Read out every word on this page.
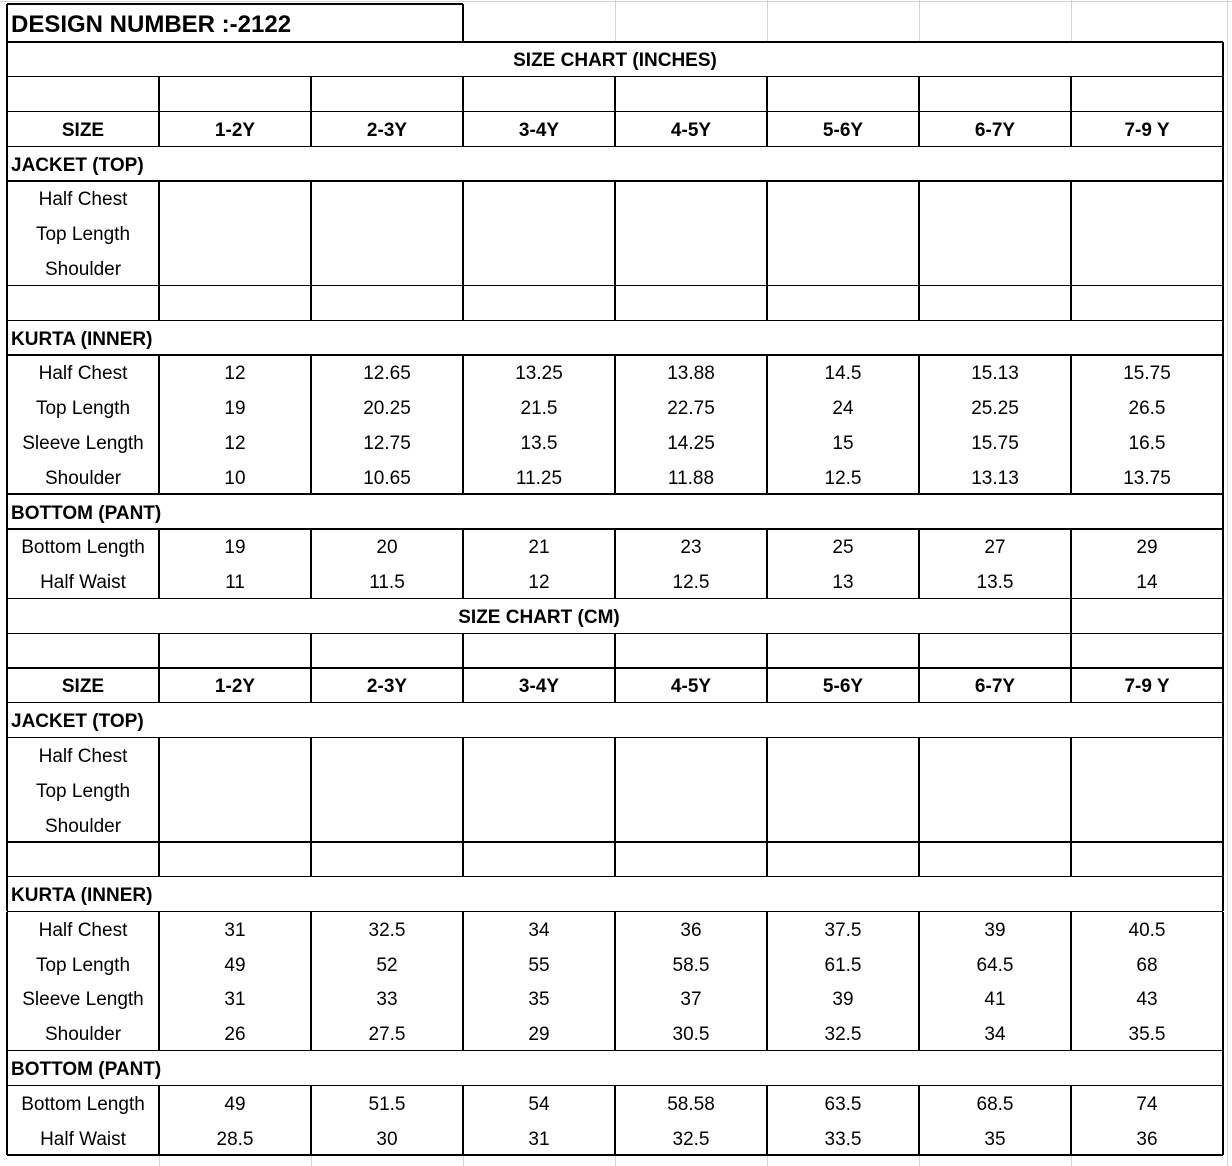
DESIGN NUMBER :-2122
SIZE CHART (INCHES)
SIZE	1-2Y	2-3Y	3-4Y	4-5Y	5-6Y	6-7Y	7-9 Y
JACKET (TOP)
Half Chest
Top Length
Shoulder
KURTA (INNER)
Half Chest	12	12.65	13.25	13.88	14.5	15.13	15.75
Top Length	19	20.25	21.5	22.75	24	25.25	26.5
Sleeve Length	12	12.75	13.5	14.25	15	15.75	16.5
Shoulder	10	10.65	11.25	11.88	12.5	13.13	13.75
BOTTOM (PANT)
Bottom Length	19	20	21	23	25	27	29
Half Waist	11	11.5	12	12.5	13	13.5	14
SIZE CHART (CM)
SIZE	1-2Y	2-3Y	3-4Y	4-5Y	5-6Y	6-7Y	7-9 Y
JACKET (TOP)
Half Chest
Top Length
Shoulder
KURTA (INNER)
Half Chest	31	32.5	34	36	37.5	39	40.5
Top Length	49	52	55	58.5	61.5	64.5	68
Sleeve Length	31	33	35	37	39	41	43
Shoulder	26	27.5	29	30.5	32.5	34	35.5
BOTTOM (PANT)
Bottom Length	49	51.5	54	58.58	63.5	68.5	74
Half Waist	28.5	30	31	32.5	33.5	35	36
